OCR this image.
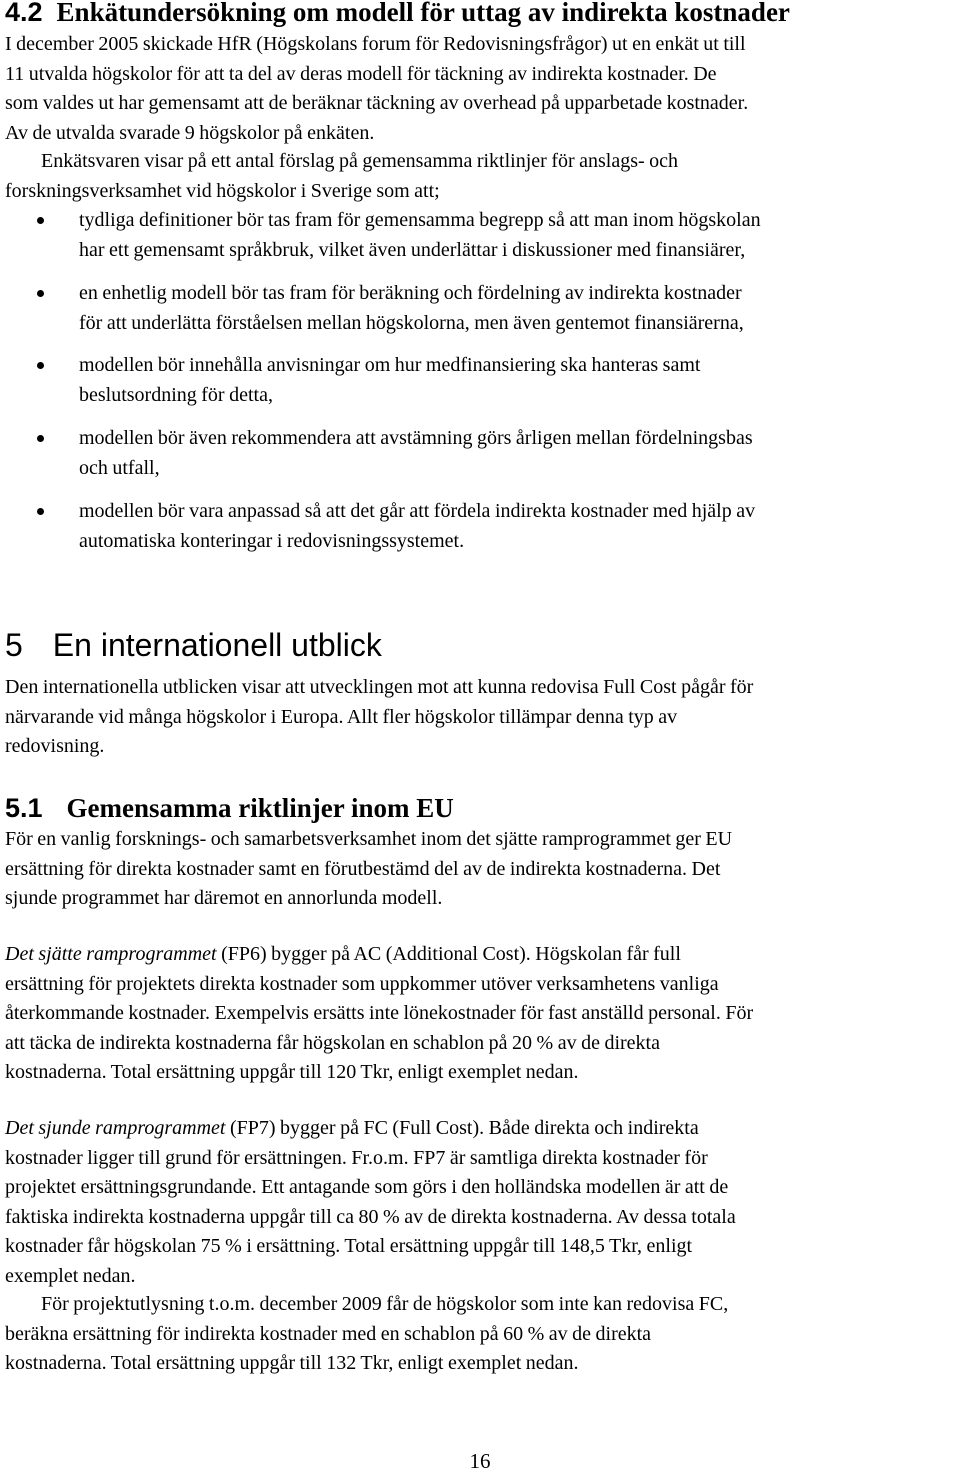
4.2 Enkätundersökning om modell för uttag av indirekta kostnader
I december 2005 skickade HfR (Högskolans forum för Redovisningsfrågor) ut en enkät ut till
11 utvalda högskolor för att ta del av deras modell för täckning av indirekta kostnader. De
som valdes ut har gemensamt att de beräknar täckning av overhead på upparbetade kostnader.
Av de utvalda svarade 9 högskolor på enkäten.
Enkätsvaren visar på ett antal förslag på gemensamma riktlinjer för anslags- och
forskningsverksamhet vid högskolor i Sverige som att;
tydliga definitioner bör tas fram för gemensamma begrepp så att man inom högskolan
har ett gemensamt språkbruk, vilket även underlättar i diskussioner med finansiärer,
en enhetlig modell bör tas fram för beräkning och fördelning av indirekta kostnader
för att underlätta förståelsen mellan högskolorna, men även gentemot finansiärerna,
modellen bör innehålla anvisningar om hur medfinansiering ska hanteras samt
beslutsordning för detta,
modellen bör även rekommendera att avstämning görs årligen mellan fördelningsbas
och utfall,
modellen bör vara anpassad så att det går att fördela indirekta kostnader med hjälp av
automatiska konteringar i redovisningssystemet.
5 En internationell utblick
Den internationella utblicken visar att utvecklingen mot att kunna redovisa Full Cost pågår för
närvarande vid många högskolor i Europa. Allt fler högskolor tillämpar denna typ av
redovisning.
5.1 Gemensamma riktlinjer inom EU
För en vanlig forsknings- och samarbetsverksamhet inom det sjätte ramprogrammet ger EU
ersättning för direkta kostnader samt en förutbestämd del av de indirekta kostnaderna. Det
sjunde programmet har däremot en annorlunda modell.
Det sjätte ramprogrammet (FP6) bygger på AC (Additional Cost). Högskolan får full
ersättning för projektets direkta kostnader som uppkommer utöver verksamhetens vanliga
återkommande kostnader. Exempelvis ersätts inte lönekostnader för fast anställd personal. För
att täcka de indirekta kostnaderna får högskolan en schablon på 20 % av de direkta
kostnaderna. Total ersättning uppgår till 120 Tkr, enligt exemplet nedan.
Det sjunde ramprogrammet (FP7) bygger på FC (Full Cost). Både direkta och indirekta
kostnader ligger till grund för ersättningen. Fr.o.m. FP7 är samtliga direkta kostnader för
projektet ersättningsgrundande. Ett antagande som görs i den holländska modellen är att de
faktiska indirekta kostnaderna uppgår till ca 80 % av de direkta kostnaderna. Av dessa totala
kostnader får högskolan 75 % i ersättning. Total ersättning uppgår till 148,5 Tkr, enligt
exemplet nedan.
För projektutlysning t.o.m. december 2009 får de högskolor som inte kan redovisa FC,
beräkna ersättning för indirekta kostnader med en schablon på 60 % av de direkta
kostnaderna. Total ersättning uppgår till 132 Tkr, enligt exemplet nedan.
16
